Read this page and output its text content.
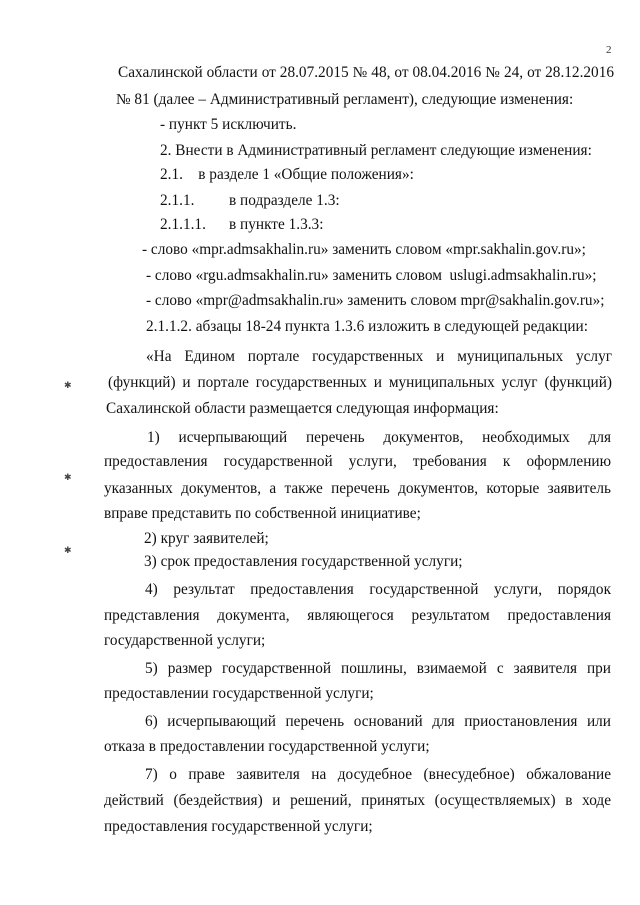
2
✱
✱
✱
Сахалинской области от 28.07.2015 № 48, от 08.04.2016 № 24, от 28.12.2016
№ 81 (далее – Административный регламент), следующие изменения:
- пункт 5 исключить.
2. Внести в Административный регламент следующие изменения:
2.1.    в разделе 1 «Общие положения»:
2.1.1. в подразделе 1.3:
2.1.1.1. в пункте 1.3.3:
- слово «mpr.admsakhalin.ru» заменить словом «mpr.sakhalin.gov.ru»;
- слово «rgu.admsakhalin.ru» заменить словом  uslugi.admsakhalin.ru»;
- слово «mpr@admsakhalin.ru» заменить словом mpr@sakhalin.gov.ru»;
2.1.1.2. абзацы 18-24 пункта 1.3.6 изложить в следующей редакции:
«На Едином портале государственных и муниципальных услуг
(функций) и портале государственных и муниципальных услуг (функций)
Сахалинской области размещается следующая информация:
1) исчерпывающий перечень документов, необходимых для
предоставления государственной услуги, требования к оформлению
указанных документов, а также перечень документов, которые заявитель
вправе представить по собственной инициативе;
2) круг заявителей;
3) срок предоставления государственной услуги;
4) результат предоставления государственной услуги, порядок
представления документа, являющегося результатом предоставления
государственной услуги;
5) размер государственной пошлины, взимаемой с заявителя при
предоставлении государственной услуги;
6) исчерпывающий перечень оснований для приостановления или
отказа в предоставлении государственной услуги;
7) о праве заявителя на досудебное (внесудебное) обжалование
действий (бездействия) и решений, принятых (осуществляемых) в ходе
предоставления государственной услуги;
